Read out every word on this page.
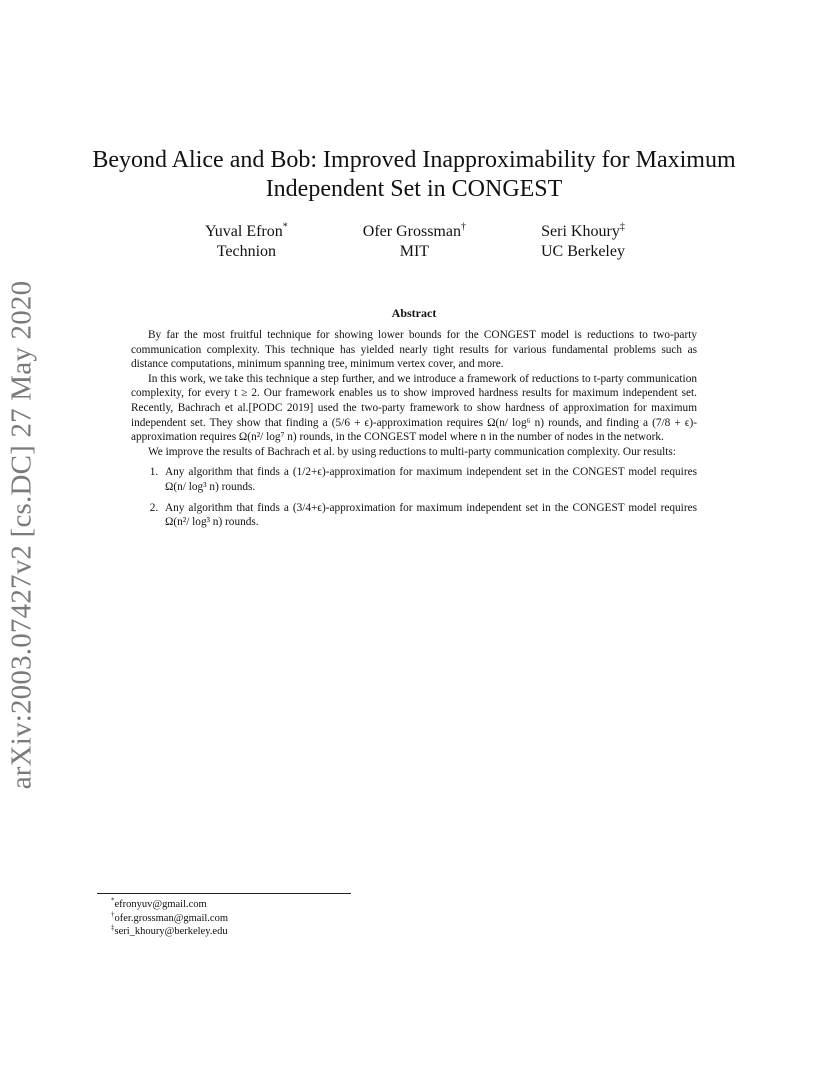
arXiv:2003.07427v2 [cs.DC] 27 May 2020
Beyond Alice and Bob: Improved Inapproximability for Maximum
Independent Set in CONGEST
Yuval Efron*
Technion
Ofer Grossman†
MIT
Seri Khoury‡
UC Berkeley
Abstract

By far the most fruitful technique for showing lower bounds for the CONGEST model is reductions to two-party communication complexity. This technique has yielded nearly tight results for various fundamental problems such as distance computations, minimum spanning tree, minimum vertex cover, and more.

In this work, we take this technique a step further, and we introduce a framework of reductions to t-party communication complexity, for every t ≥ 2. Our framework enables us to show improved hardness results for maximum independent set. Recently, Bachrach et al.[PODC 2019] used the two-party framework to show hardness of approximation for maximum independent set. They show that finding a (5/6 + ϵ)-approximation requires Ω(n/ log⁶ n) rounds, and finding a (7/8 + ϵ)-approximation requires Ω(n²/ log⁷ n) rounds, in the CONGEST model where n in the number of nodes in the network.

We improve the results of Bachrach et al. by using reductions to multi-party communication complexity. Our results:

1. Any algorithm that finds a (1/2+ϵ)-approximation for maximum independent set in the CONGEST model requires Ω(n/ log³ n) rounds.
2. Any algorithm that finds a (3/4+ϵ)-approximation for maximum independent set in the CONGEST model requires Ω(n²/ log³ n) rounds.
*efronyuv@gmail.com
†ofer.grossman@gmail.com
‡seri_khoury@berkeley.edu
